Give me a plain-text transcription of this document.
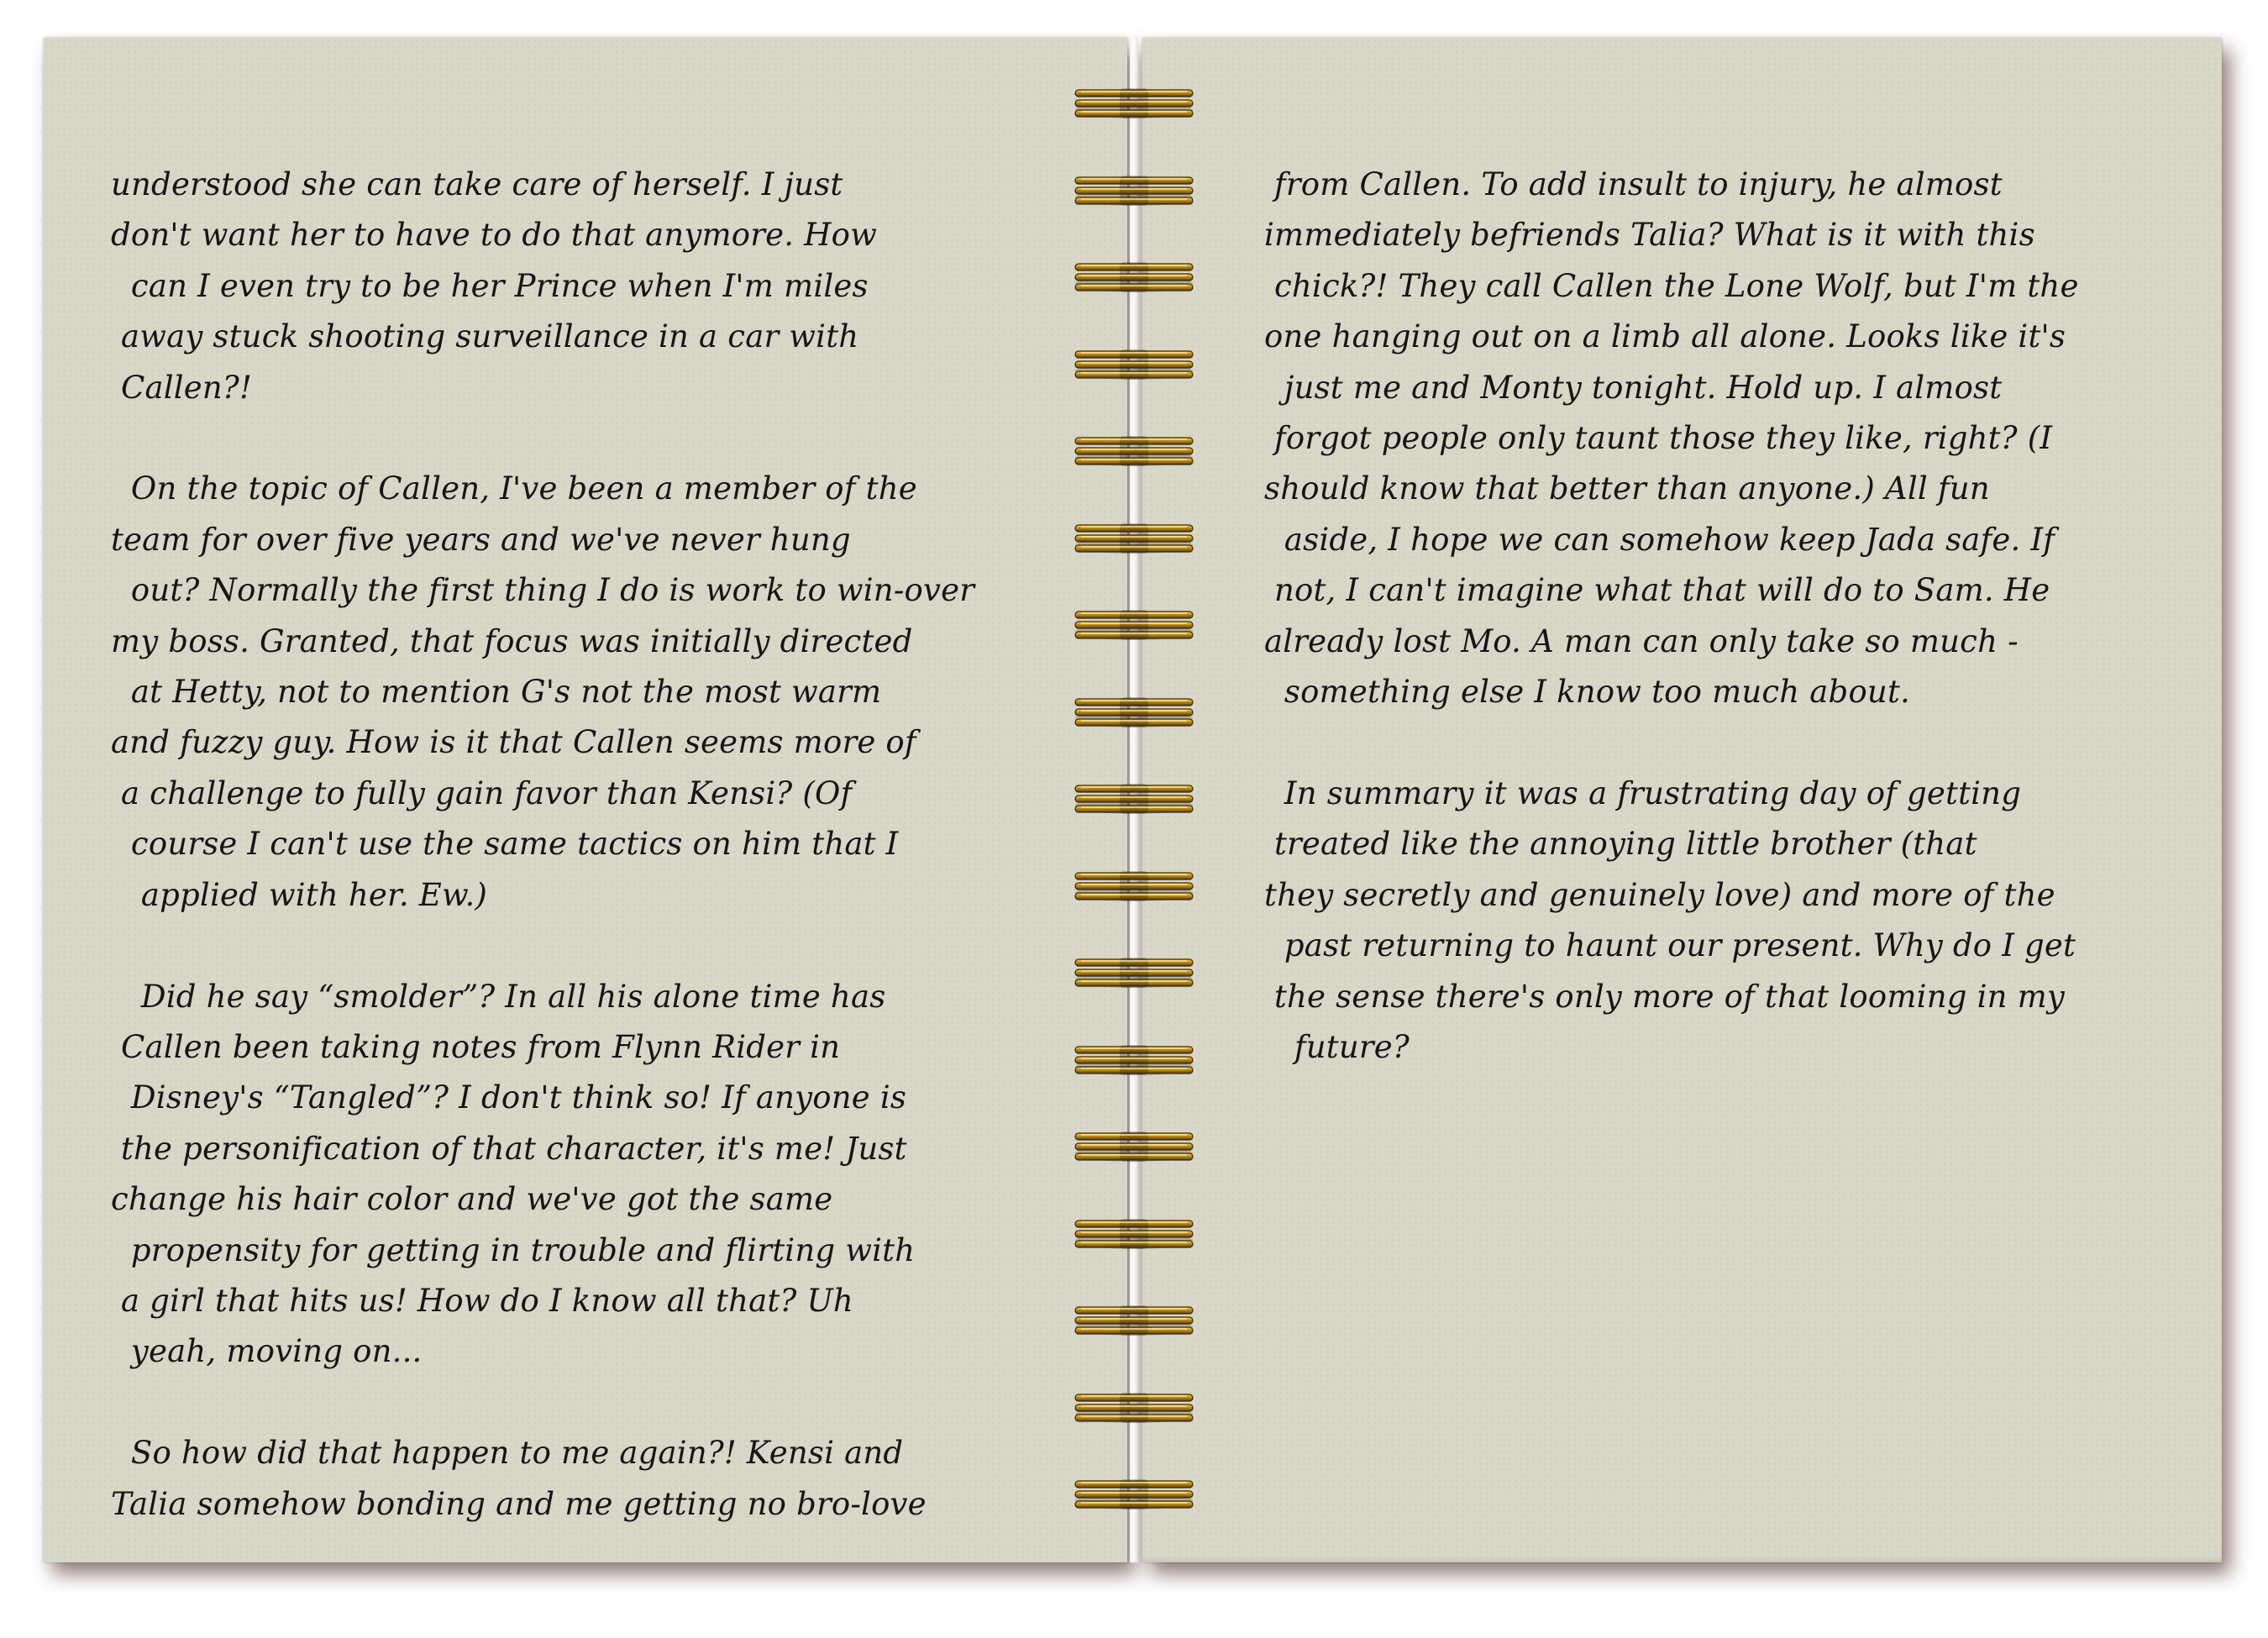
understood she can take care of herself. I just
don't want her to have to do that anymore. How
can I even try to be her Prince when I'm miles
away stuck shooting surveillance in a car with
Callen?!

On the topic of Callen, I've been a member of the
team for over five years and we've never hung
out? Normally the first thing I do is work to win-over
my boss. Granted, that focus was initially directed
at Hetty, not to mention G's not the most warm
and fuzzy guy. How is it that Callen seems more of
a challenge to fully gain favor than Kensi? (Of
course I can't use the same tactics on him that I
applied with her. Ew.)

Did he say “smolder”? In all his alone time has
Callen been taking notes from Flynn Rider in
Disney's “Tangled”? I don't think so! If anyone is
the personification of that character, it's me! Just
change his hair color and we've got the same
propensity for getting in trouble and flirting with
a girl that hits us! How do I know all that? Uh
yeah, moving on...

So how did that happen to me again?! Kensi and
Talia somehow bonding and me getting no bro-love
from Callen. To add insult to injury, he almost
immediately befriends Talia? What is it with this
chick?! They call Callen the Lone Wolf, but I'm the
one hanging out on a limb all alone. Looks like it's
just me and Monty tonight. Hold up. I almost
forgot people only taunt those they like, right? (I
should know that better than anyone.) All fun
aside, I hope we can somehow keep Jada safe. If
not, I can't imagine what that will do to Sam. He
already lost Mo. A man can only take so much -
something else I know too much about.

In summary it was a frustrating day of getting
treated like the annoying little brother (that
they secretly and genuinely love) and more of the
past returning to haunt our present. Why do I get
the sense there's only more of that looming in my
future?
